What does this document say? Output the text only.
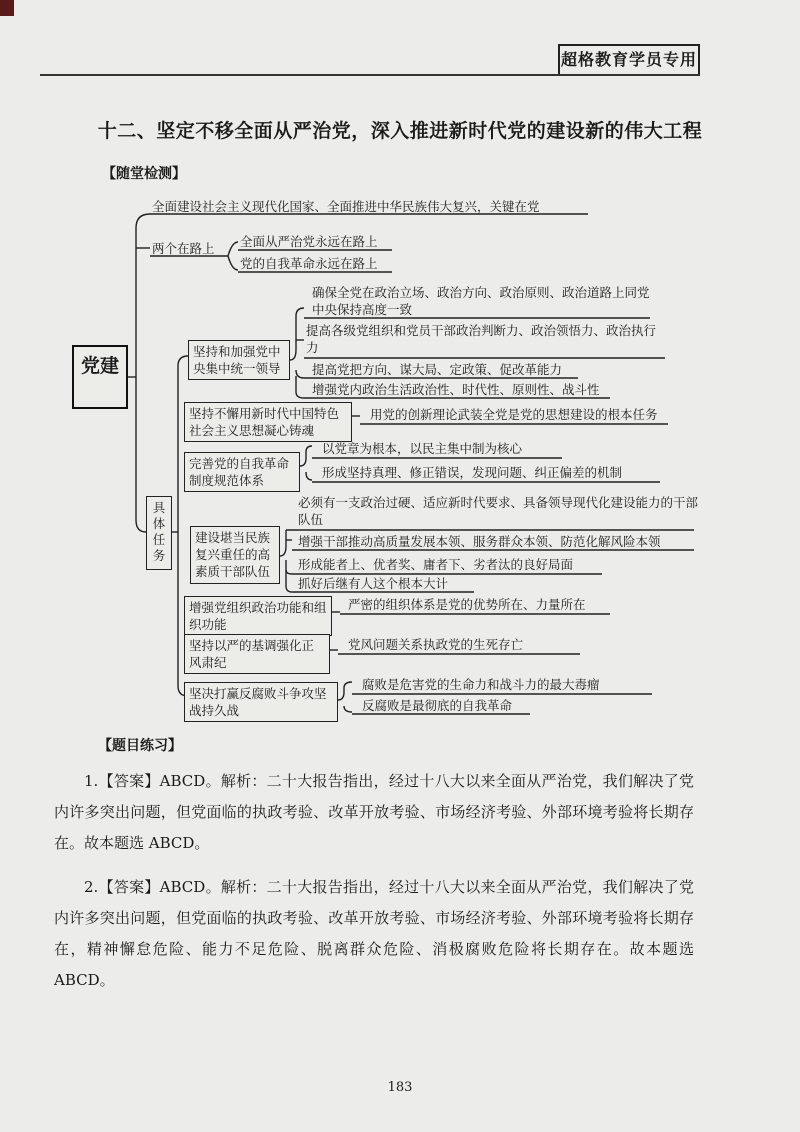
超格教育学员专用
十二、坚定不移全面从严治党，深入推进新时代党的建设新的伟大工程
【随堂检测】
党建
全面建设社会主义现代化国家、全面推进中华民族伟大复兴，关键在党
两个在路上 全面从严治党永远在路上
党的自我革命永远在路上
具体任务
坚持和加强党中央集中统一领导
确保全党在政治立场、政治方向、政治原则、政治道路上同党中央保持高度一致
提高各级党组织和党员干部政治判断力、政治领悟力、政治执行力
提高党把方向、谋大局、定政策、促改革能力
增强党内政治生活政治性、时代性、原则性、战斗性
坚持不懈用新时代中国特色社会主义思想凝心铸魂
用党的创新理论武装全党是党的思想建设的根本任务
完善党的自我革命制度规范体系
以党章为根本，以民主集中制为核心
形成坚持真理、修正错误，发现问题、纠正偏差的机制
建设堪当民族复兴重任的高素质干部队伍
必须有一支政治过硬、适应新时代要求、具备领导现代化建设能力的干部队伍
增强干部推动高质量发展本领、服务群众本领、防范化解风险本领
形成能者上、优者奖、庸者下、劣者汰的良好局面
抓好后继有人这个根本大计
增强党组织政治功能和组织功能
严密的组织体系是党的优势所在、力量所在
坚持以严的基调强化正风肃纪
党风问题关系执政党的生死存亡
坚决打赢反腐败斗争攻坚战持久战
腐败是危害党的生命力和战斗力的最大毒瘤
反腐败是最彻底的自我革命
【题目练习】

1.【答案】ABCD。解析：二十大报告指出，经过十八大以来全面从严治党，我们解决了党内许多突出问题，但党面临的执政考验、改革开放考验、市场经济考验、外部环境考验将长期存在。故本题选 ABCD。

2.【答案】ABCD。解析：二十大报告指出，经过十八大以来全面从严治党，我们解决了党内许多突出问题，但党面临的执政考验、改革开放考验、市场经济考验、外部环境考验将长期存在，精神懈怠危险、能力不足危险、脱离群众危险、消极腐败危险将长期存在。故本题选 ABCD。

183
